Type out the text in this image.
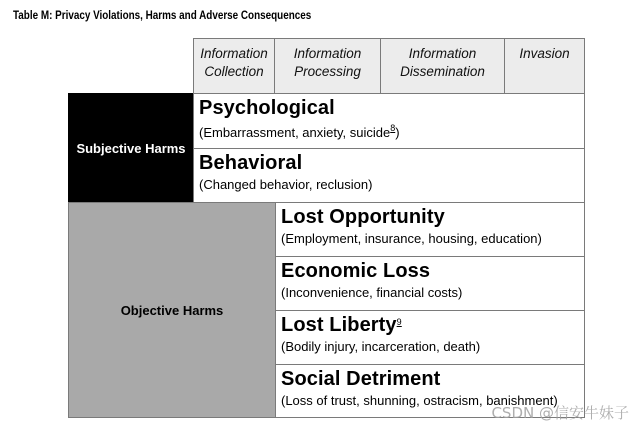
Table M: Privacy Violations, Harms and Adverse Consequences
Information
Collection
Information
Processing
Information
Dissemination
Invasion
Subjective Harms
Objective Harms
Psychological
(Embarrassment, anxiety, suicide$^8$)
Behavioral
(Changed behavior, reclusion)
Lost Opportunity
(Employment, insurance, housing, education)
Economic Loss
(Inconvenience, financial costs)
Lost Liberty$^9$
(Bodily injury, incarceration, death)
Social Detriment
(Loss of trust, shunning, ostracism, banishment)
CSDN @信安牛妹子
